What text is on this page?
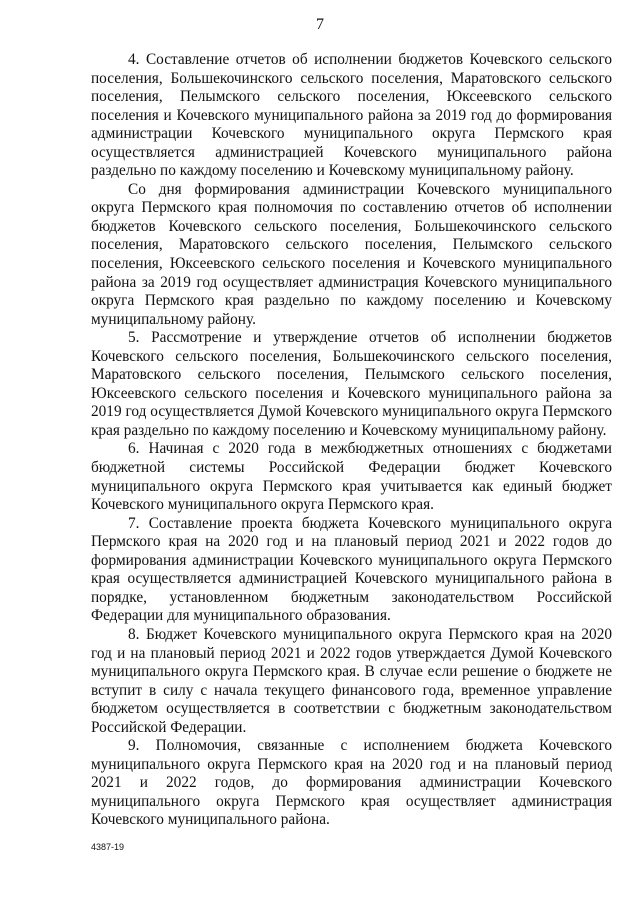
7

4. Составление отчетов об исполнении бюджетов Кочевского сельского поселения, Большекочинского сельского поселения, Маратовского сельского поселения, Пелымского сельского поселения, Юксеевского сельского поселения и Кочевского муниципального района за 2019 год до формирования администрации Кочевского муниципального округа Пермского края осуществляется администрацией Кочевского муниципального района раздельно по каждому поселению и Кочевскому муниципальному району.

Со дня формирования администрации Кочевского муниципального округа Пермского края полномочия по составлению отчетов об исполнении бюджетов Кочевского сельского поселения, Большекочинского сельского поселения, Маратовского сельского поселения, Пелымского сельского поселения, Юксеевского сельского поселения и Кочевского муниципального района за 2019 год осуществляет администрация Кочевского муниципального округа Пермского края раздельно по каждому поселению и Кочевскому муниципальному району.

5. Рассмотрение и утверждение отчетов об исполнении бюджетов Кочевского сельского поселения, Большекочинского сельского поселения, Маратовского сельского поселения, Пелымского сельского поселения, Юксеевского сельского поселения и Кочевского муниципального района за 2019 год осуществляется Думой Кочевского муниципального округа Пермского края раздельно по каждому поселению и Кочевскому муниципальному району.

6. Начиная с 2020 года в межбюджетных отношениях с бюджетами бюджетной системы Российской Федерации бюджет Кочевского муниципального округа Пермского края учитывается как единый бюджет Кочевского муниципального округа Пермского края.

7. Составление проекта бюджета Кочевского муниципального округа Пермского края на 2020 год и на плановый период 2021 и 2022 годов до формирования администрации Кочевского муниципального округа Пермского края осуществляется администрацией Кочевского муниципального района в порядке, установленном бюджетным законодательством Российской Федерации для муниципального образования.

8. Бюджет Кочевского муниципального округа Пермского края на 2020 год и на плановый период 2021 и 2022 годов утверждается Думой Кочевского муниципального округа Пермского края. В случае если решение о бюджете не вступит в силу с начала текущего финансового года, временное управление бюджетом осуществляется в соответствии с бюджетным законодательством Российской Федерации.

9. Полномочия, связанные с исполнением бюджета Кочевского муниципального округа Пермского края на 2020 год и на плановый период 2021 и 2022 годов, до формирования администрации Кочевского муниципального округа Пермского края осуществляет администрация Кочевского муниципального района.

4387-19
